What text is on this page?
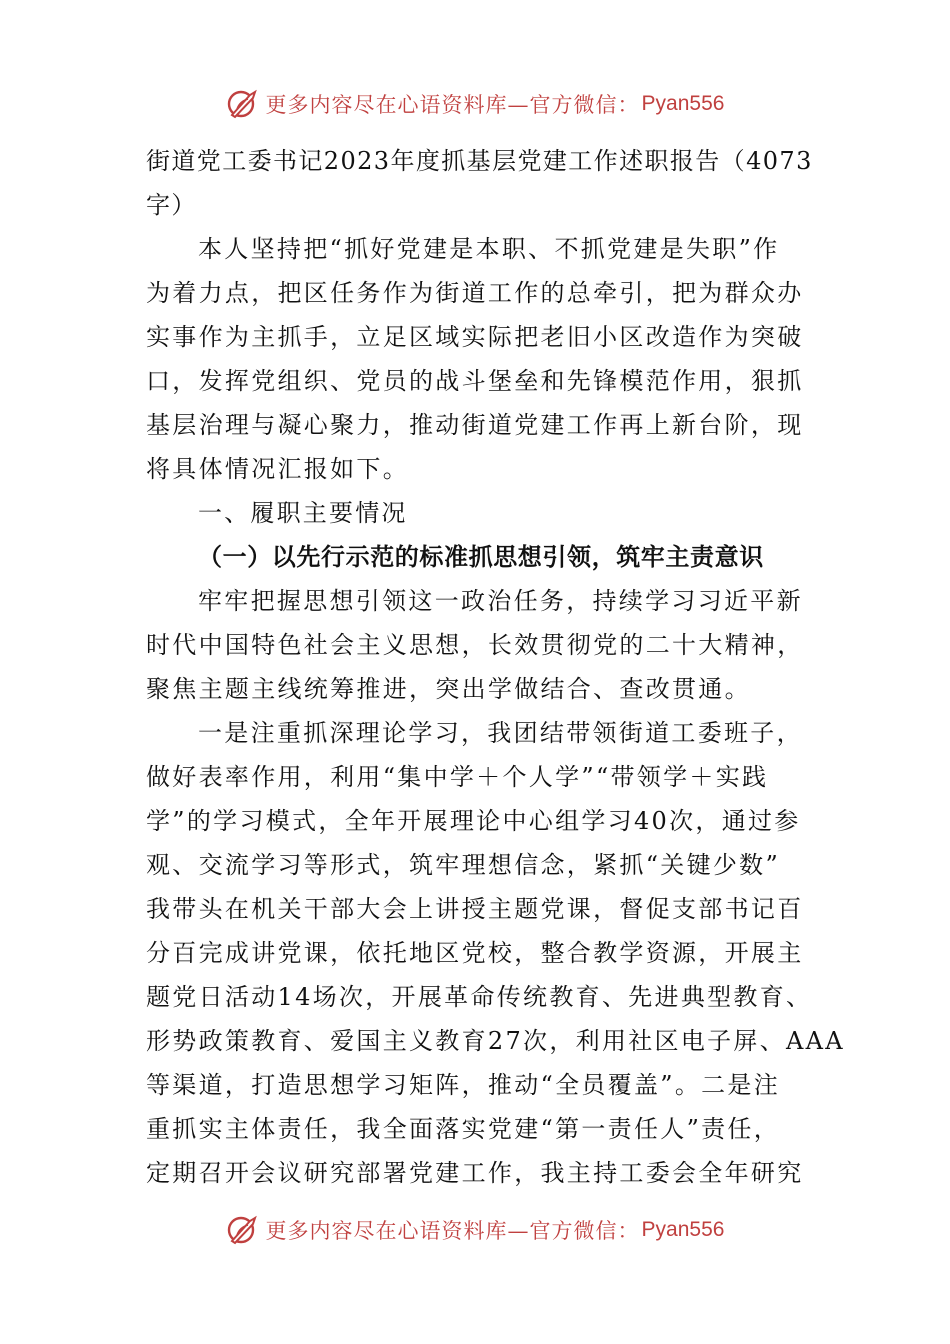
更多内容尽在心语资料库—官方微信： Pyan556
街道党工委书记2023年度抓基层党建工作述职报告（4073
字）
本人坚持把“抓好党建是本职、不抓党建是失职”作
为着力点，把区任务作为街道工作的总牵引，把为群众办
实事作为主抓手，立足区域实际把老旧小区改造作为突破
口，发挥党组织、党员的战斗堡垒和先锋模范作用，狠抓
基层治理与凝心聚力，推动街道党建工作再上新台阶，现
将具体情况汇报如下。
一、履职主要情况
（一）以先行示范的标准抓思想引领，筑牢主责意识
牢牢把握思想引领这一政治任务，持续学习习近平新
时代中国特色社会主义思想，长效贯彻党的二十大精神，
聚焦主题主线统筹推进，突出学做结合、查改贯通。
一是注重抓深理论学习，我团结带领街道工委班子，
做好表率作用，利用“集中学＋个人学”“带领学＋实践
学”的学习模式，全年开展理论中心组学习40次，通过参
观、交流学习等形式，筑牢理想信念，紧抓“关键少数”
我带头在机关干部大会上讲授主题党课，督促支部书记百
分百完成讲党课，依托地区党校，整合教学资源，开展主
题党日活动14场次，开展革命传统教育、先进典型教育、
形势政策教育、爱国主义教育27次，利用社区电子屏、AAA
等渠道，打造思想学习矩阵，推动“全员覆盖”。二是注
重抓实主体责任，我全面落实党建“第一责任人”责任，
定期召开会议研究部署党建工作，我主持工委会全年研究
更多内容尽在心语资料库—官方微信： Pyan556
